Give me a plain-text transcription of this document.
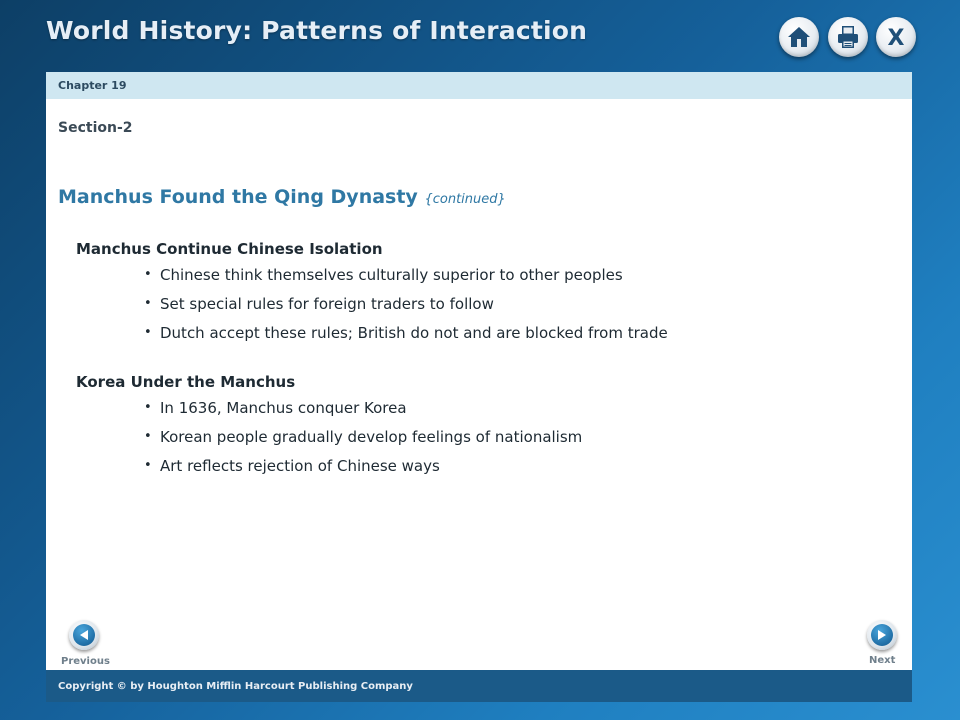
World History: Patterns of Interaction	X
Chapter 19
Section-2
Manchus Found the Qing Dynasty {continued}
Manchus Continue Chinese Isolation
• Chinese think themselves culturally superior to other peoples
• Set special rules for foreign traders to follow
• Dutch accept these rules; British do not and are blocked from trade
Korea Under the Manchus
• In 1636, Manchus conquer Korea
• Korean people gradually develop feelings of nationalism
• Art reflects rejection of Chinese ways
Previous	Next
Copyright © by Houghton Mifflin Harcourt Publishing Company
